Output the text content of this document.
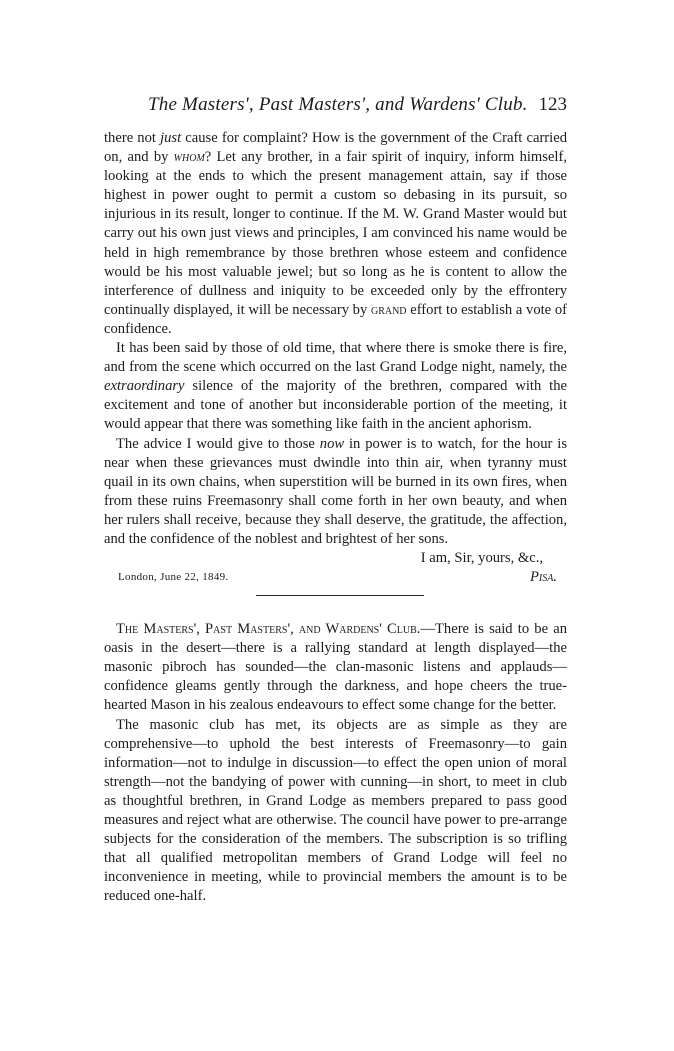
The Masters', Past Masters', and Wardens' Club. 123

there not just cause for complaint? How is the government of the Craft carried on, and by whom? Let any brother, in a fair spirit of inquiry, inform himself, looking at the ends to which the present management attain, say if those highest in power ought to permit a custom so debasing in its pursuit, so injurious in its result, longer to continue. If the M. W. Grand Master would but carry out his own just views and principles, I am convinced his name would be held in high remembrance by those brethren whose esteem and confidence would be his most valuable jewel; but so long as he is content to allow the interference of dullness and iniquity to be exceeded only by the effrontery continually displayed, it will be necessary by grand effort to establish a vote of confidence.

It has been said by those of old time, that where there is smoke there is fire, and from the scene which occurred on the last Grand Lodge night, namely, the extraordinary silence of the majority of the brethren, compared with the excitement and tone of another but inconsiderable portion of the meeting, it would appear that there was something like faith in the ancient aphorism.

The advice I would give to those now in power is to watch, for the hour is near when these grievances must dwindle into thin air, when tyranny must quail in its own chains, when superstition will be burned in its own fires, when from these ruins Freemasonry shall come forth in her own beauty, and when her rulers shall receive, because they shall deserve, the gratitude, the affection, and the confidence of the noblest and brightest of her sons.

I am, Sir, yours, &c.,
London, June 22, 1849.	Pisa.

The Masters', Past Masters', and Wardens' Club.—There is said to be an oasis in the desert—there is a rallying standard at length displayed—the masonic pibroch has sounded—the clan-masonic listens and applauds—confidence gleams gently through the darkness, and hope cheers the true-hearted Mason in his zealous endeavours to effect some change for the better.

The masonic club has met, its objects are as simple as they are comprehensive—to uphold the best interests of Freemasonry—to gain information—not to indulge in discussion—to effect the open union of moral strength—not the bandying of power with cunning—in short, to meet in club as thoughtful brethren, in Grand Lodge as members prepared to pass good measures and reject what are otherwise. The council have power to pre-arrange subjects for the consideration of the members. The subscription is so trifling that all qualified metropolitan members of Grand Lodge will feel no inconvenience in meeting, while to provincial members the amount is to be reduced one-half.
